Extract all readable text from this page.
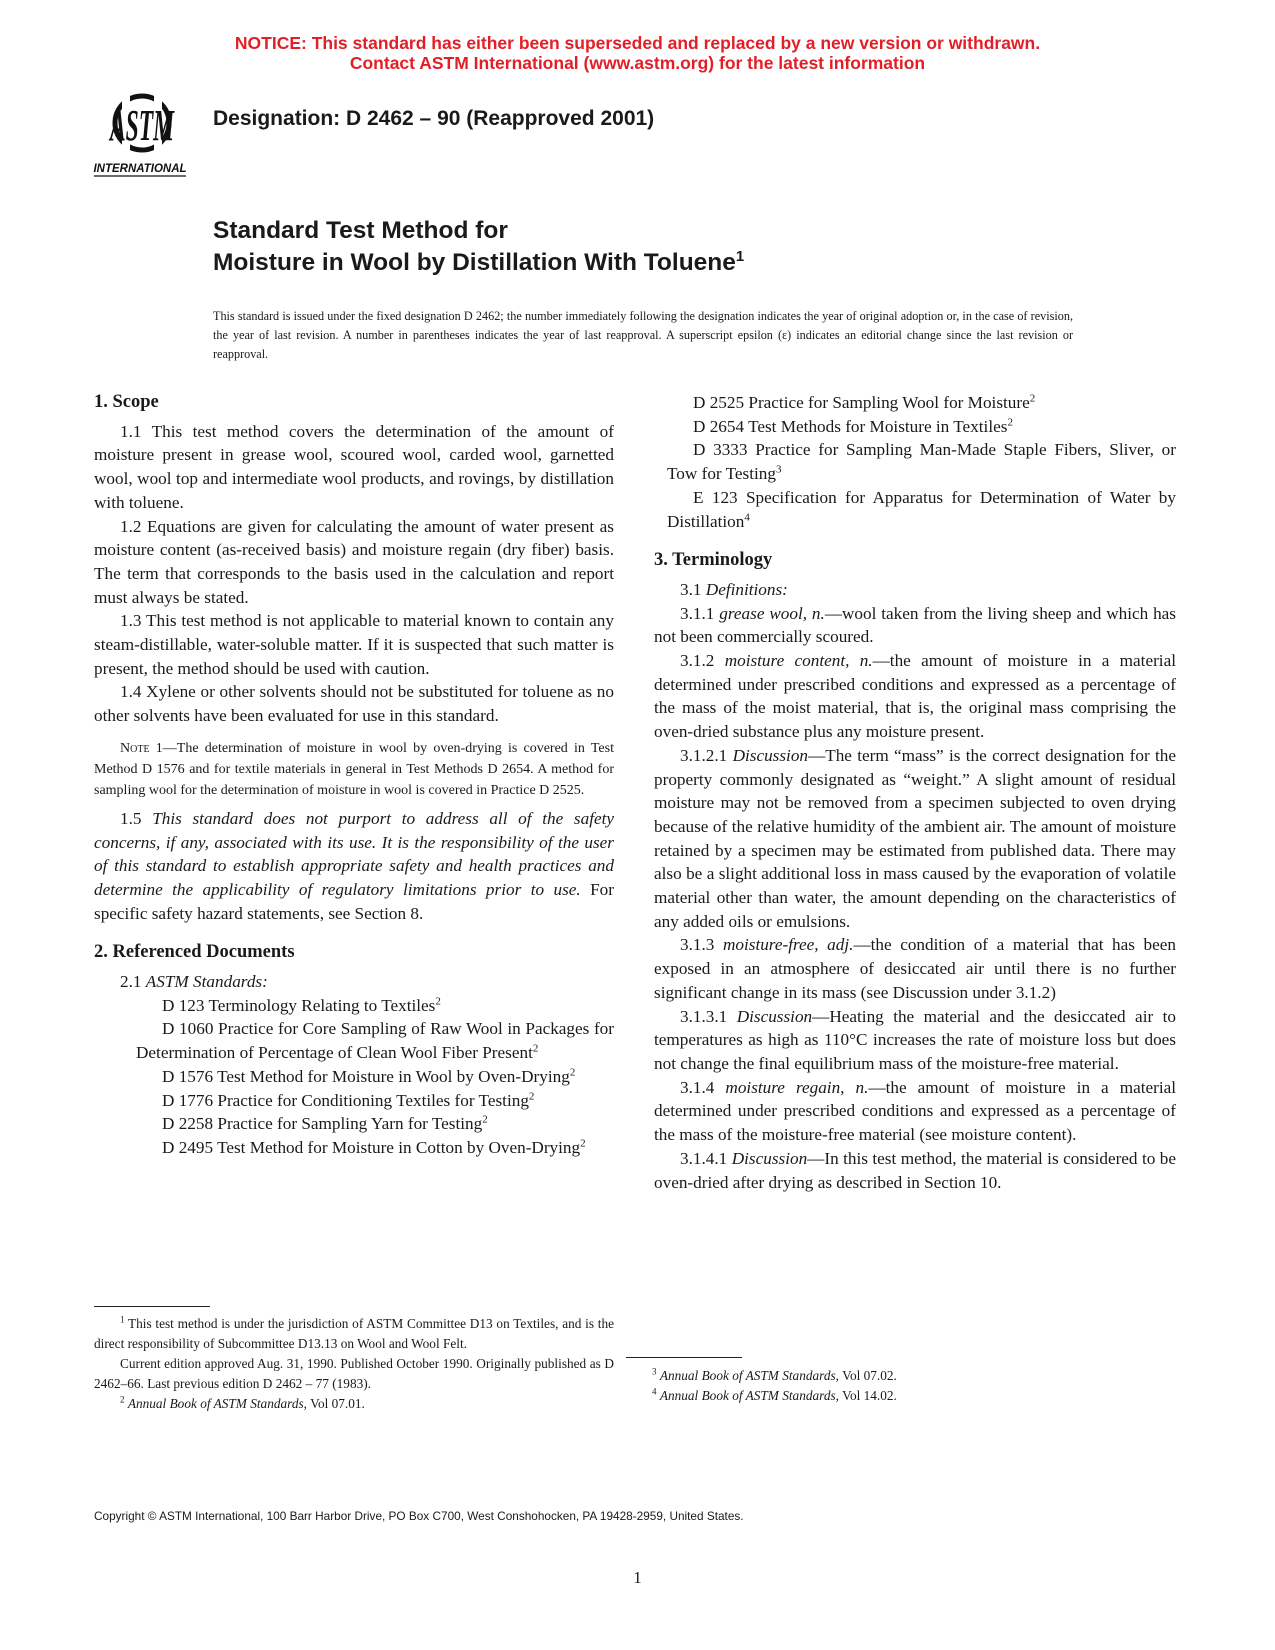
NOTICE: This standard has either been superseded and replaced by a new version or withdrawn.
Contact ASTM International (www.astm.org) for the latest information
ASTM
INTERNATIONAL
Designation: D 2462 – 90 (Reapproved 2001)
Standard Test Method for
Moisture in Wool by Distillation With Toluene$^1$
This standard is issued under the fixed designation D 2462; the number immediately following the designation indicates the year of original adoption or, in the case of revision, the year of last revision. A number in parentheses indicates the year of last reapproval. A superscript epsilon (ε) indicates an editorial change since the last revision or reapproval.
1. Scope

1.1 This test method covers the determination of the amount of moisture present in grease wool, scoured wool, carded wool, garnetted wool, wool top and intermediate wool products, and rovings, by distillation with toluene.

1.2 Equations are given for calculating the amount of water present as moisture content (as-received basis) and moisture regain (dry fiber) basis. The term that corresponds to the basis used in the calculation and report must always be stated.

1.3 This test method is not applicable to material known to contain any steam-distillable, water-soluble matter. If it is suspected that such matter is present, the method should be used with caution.

1.4 Xylene or other solvents should not be substituted for toluene as no other solvents have been evaluated for use in this standard.

Note 1—The determination of moisture in wool by oven-drying is covered in Test Method D 1576 and for textile materials in general in Test Methods D 2654. A method for sampling wool for the determination of moisture in wool is covered in Practice D 2525.

1.5 This standard does not purport to address all of the safety concerns, if any, associated with its use. It is the responsibility of the user of this standard to establish appropriate safety and health practices and determine the applicability of regulatory limitations prior to use. For specific safety hazard statements, see Section 8.

2. Referenced Documents

2.1 ASTM Standards:

D 123 Terminology Relating to Textiles$^2$

D 1060 Practice for Core Sampling of Raw Wool in Packages for Determination of Percentage of Clean Wool Fiber Present$^2$

D 1576 Test Method for Moisture in Wool by Oven-Drying$^2$

D 1776 Practice for Conditioning Textiles for Testing$^2$

D 2258 Practice for Sampling Yarn for Testing$^2$

D 2495 Test Method for Moisture in Cotton by Oven-Drying$^2$

D 2525 Practice for Sampling Wool for Moisture$^2$

D 2654 Test Methods for Moisture in Textiles$^2$

D 3333 Practice for Sampling Man-Made Staple Fibers, Sliver, or Tow for Testing$^3$

E 123 Specification for Apparatus for Determination of Water by Distillation$^4$

3. Terminology

3.1 Definitions:

3.1.1 grease wool, n.—wool taken from the living sheep and which has not been commercially scoured.

3.1.2 moisture content, n.—the amount of moisture in a material determined under prescribed conditions and expressed as a percentage of the mass of the moist material, that is, the original mass comprising the oven-dried substance plus any moisture present.

3.1.2.1 Discussion—The term “mass” is the correct designation for the property commonly designated as “weight.” A slight amount of residual moisture may not be removed from a specimen subjected to oven drying because of the relative humidity of the ambient air. The amount of moisture retained by a specimen may be estimated from published data. There may also be a slight additional loss in mass caused by the evaporation of volatile material other than water, the amount depending on the characteristics of any added oils or emulsions.

3.1.3 moisture-free, adj.—the condition of a material that has been exposed in an atmosphere of desiccated air until there is no further significant change in its mass (see Discussion under 3.1.2)

3.1.3.1 Discussion—Heating the material and the desiccated air to temperatures as high as 110°C increases the rate of moisture loss but does not change the final equilibrium mass of the moisture-free material.

3.1.4 moisture regain, n.—the amount of moisture in a material determined under prescribed conditions and expressed as a percentage of the mass of the moisture-free material (see moisture content).

3.1.4.1 Discussion—In this test method, the material is considered to be oven-dried after drying as described in Section 10.

$^1$ This test method is under the jurisdiction of ASTM Committee D13 on Textiles, and is the direct responsibility of Subcommittee D13.13 on Wool and Wool Felt.

Current edition approved Aug. 31, 1990. Published October 1990. Originally published as D 2462–66. Last previous edition D 2462 – 77 (1983).

$^2$ Annual Book of ASTM Standards, Vol 07.01.

$^3$ Annual Book of ASTM Standards, Vol 07.02.

$^4$ Annual Book of ASTM Standards, Vol 14.02.

Copyright © ASTM International, 100 Barr Harbor Drive, PO Box C700, West Conshohocken, PA 19428-2959, United States.
1
